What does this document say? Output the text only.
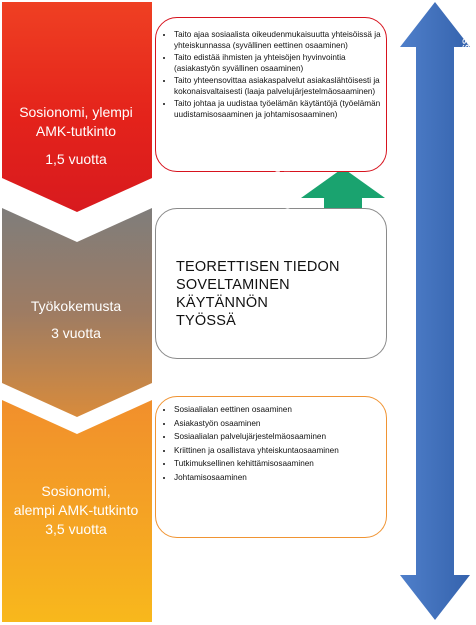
• Taito ajaa sosiaalista oikeudenmukaisuutta yhteisöissä ja yhteiskunnassa (syvällinen eettinen osaaminen)
• Taito edistää ihmisten ja yhteisöjen hyvinvointia (asiakastyön syvällinen osaaminen)
• Taito yhteensovittaa asiakaspalvelut asiakaslähtöisesti ja kokonaisvaltaisesti (laaja palvelujärjestelmäosaaminen)
• Taito johtaa ja uudistaa työelämän käytäntöjä (työelämän uudistamisosaaminen ja johtamisosaaminen)
TEORETTISEN TIEDON
SOVELTAMINEN KÄYTÄNNÖN
TYÖSSÄ
• Sosiaalialan eettinen osaaminen
• Asiakastyön osaaminen
• Sosiaalialan palvelujärjestelmäosaaminen
• Kriittinen ja osallistava yhteiskuntaosaaminen
• Tutkimuksellinen kehittämisosaaminen
• Johtamisosaaminen
Sosionomi, ylempi
AMK-tutkinto
1,5 vuotta
Työkokemusta
3 vuotta
Sosionomi,
alempi AMK-tutkinto
3,5 vuotta
Opiskelua työssä käyden	Minimissään 8 vuoden sosiaalityön osaamispolku teoreettisen tiedon ja käytännön vuoropuhelussa
